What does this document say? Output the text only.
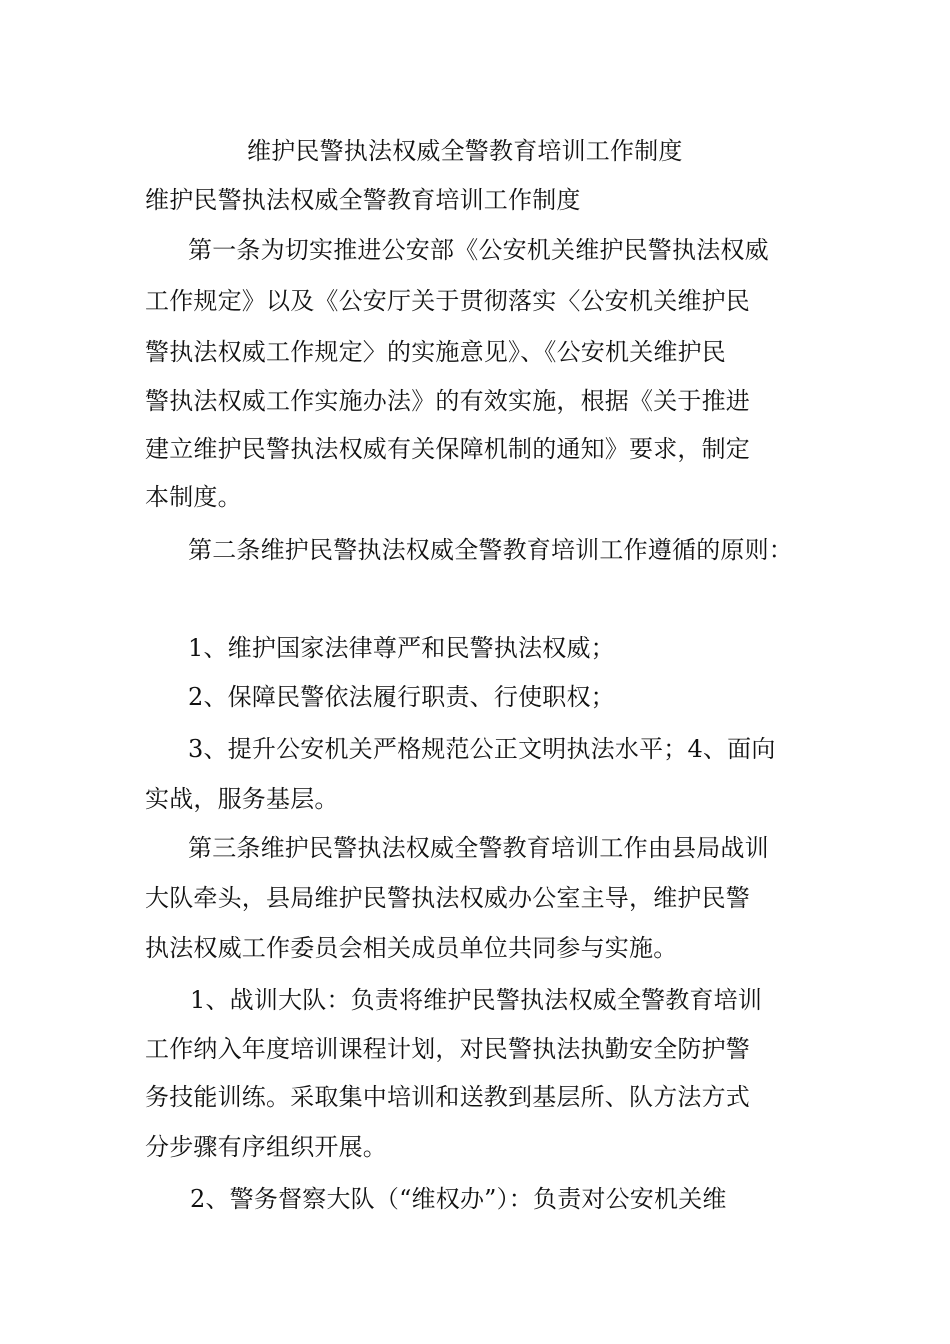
维护民警执法权威全警教育培训工作制度
维护民警执法权威全警教育培训工作制度
第一条为切实推进公安部《公安机关维护民警执法权威
工作规定》以及《公安厅关于贯彻落实〈公安机关维护民
警执法权威工作规定〉的实施意见》、《公安机关维护民
警执法权威工作实施办法》的有效实施，根据《关于推进
建立维护民警执法权威有关保障机制的通知》要求，制定
本制度。
第二条维护民警执法权威全警教育培训工作遵循的原则：
1、维护国家法律尊严和民警执法权威；
2、保障民警依法履行职责、行使职权；
3、提升公安机关严格规范公正文明执法水平；4、面向
实战，服务基层。
第三条维护民警执法权威全警教育培训工作由县局战训
大队牵头，县局维护民警执法权威办公室主导，维护民警
执法权威工作委员会相关成员单位共同参与实施。
1、战训大队：负责将维护民警执法权威全警教育培训
工作纳入年度培训课程计划，对民警执法执勤安全防护警
务技能训练。采取集中培训和送教到基层所、队方法方式
分步骤有序组织开展。
2、警务督察大队（“维权办”）：负责对公安机关维
